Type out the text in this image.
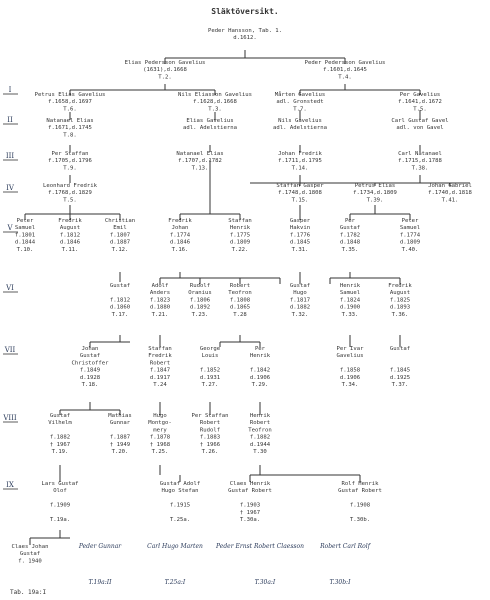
Släktöversikt.
I
II
III
IV
V
VI
VII
VIII
IX
Peder Hansson, Tab. 1.
d.1612.
Elias Pedersson Gavelius
(1631),d.1668
T.2.
Peder Pedersson Gavelius
f.1601,d.1645
T.4.
Petrus Elias Gavelius
f.1658,d.1697
T.6.
Nils Eliasson Gavelius
f.1628,d.1668
T.3.
Mårten Gavelius
adl. Gronstedt
T.7.
Per Gavelius
f.1641,d.1672
T.5.
Natanael Elias
f.1671,d.1745
T.8.
Elias Gavelius
adl. Adelstierna
Nils Gavelius
adl. Adelstierna
Carl Gustaf Gavel
adl. von Gavel
Per Staffan
f.1705,d.1796
T.9.
Natanael Elias
f.1707,d.1782
T.13.
Johan Fredrik
f.1711,d.1795
T.14.
Carl Natanael
f.1715,d.1788
T.38.
Leonhard Fredrik
f.1768,d.1829
T.5.
Staffan Gasper
f.1748,d.1808
T.15.
Petrus Elias
f.1734,d.1809
T.39.
Johan Gabriel
f.1740,d.1818
T.41.
Peter
Samuel
f.1801
d.1844
T.10.
Fredrik
August
f.1812
d.1846
T.11.
Christian
Emil
f.1807
d.1887
T.12.
Fredrik
Johan
f.1774
d.1846
T.16.
Staffan
Henrik
f.1775
d.1809
T.22.
Gasper
Hakvin
f.1776
d.1845
T.31.
Per
Gustaf
f.1782
d.1848
T.35.
Peter
Samuel
f.1774
d.1809
T.40.
Gustaf
f.1812
d.1860
T.17.
Adolf
Anders
f.1823
d.1880
T.21.
Rudolf
Oranius
f.1806
d.1892
T.23.
Robert
Teofron
f.1808
d.1865
T.28
Gustaf
Hugo
f.1817
d.1882
T.32.
Henrik
Samuel
f.1824
d.1900
T.33.
Fredrik
August
f.1825
d.1893
T.36.
Johan
Gustaf
Christoffer
f.1849
d.1928
T.18.
Staffan
Fredrik
Robert
f.1847
d.1917
T.24
George
Louis
f.1852
d.1931
T.27.
Per
Henrik
f.1842
d.1906
T.29.
Per Ivar
Gavelius
f.1858
d.1906
T.34.
Gustaf
f.1845
d.1925
T.37.
Gustaf
Vilhelm
f.1882
† 1967
T.19.
Mathias
Gunnar
f.1887
† 1949
T.20.
Hugo
Montgo-
mery
f.1878
† 1968
T.25.
Per Staffan
Robert
Rudolf
f.1883
† 1966
T.26.
Henrik
Robert
Teofron
f.1882
d.1944
T.30
Lars Gustaf
Olof
f.1909
T.19a.
Gustaf Adolf
Hugo Stefan
f.1915
T.25a.
Claes Henrik
Gustaf Robert
f.1903
† 1967
T.30a.
Rolf Henrik
Gustaf Robert
f.1908
T.30b.
Claes Johan
Gustaf
f. 1940
Peder Gunnar	Carl Hugo Marten Peder Ernst Robert Claesson	Robert Carl Rolf
T.19a:II	T.25a:I	T.30a:I	T.30b:I
Tab. 19a:I
